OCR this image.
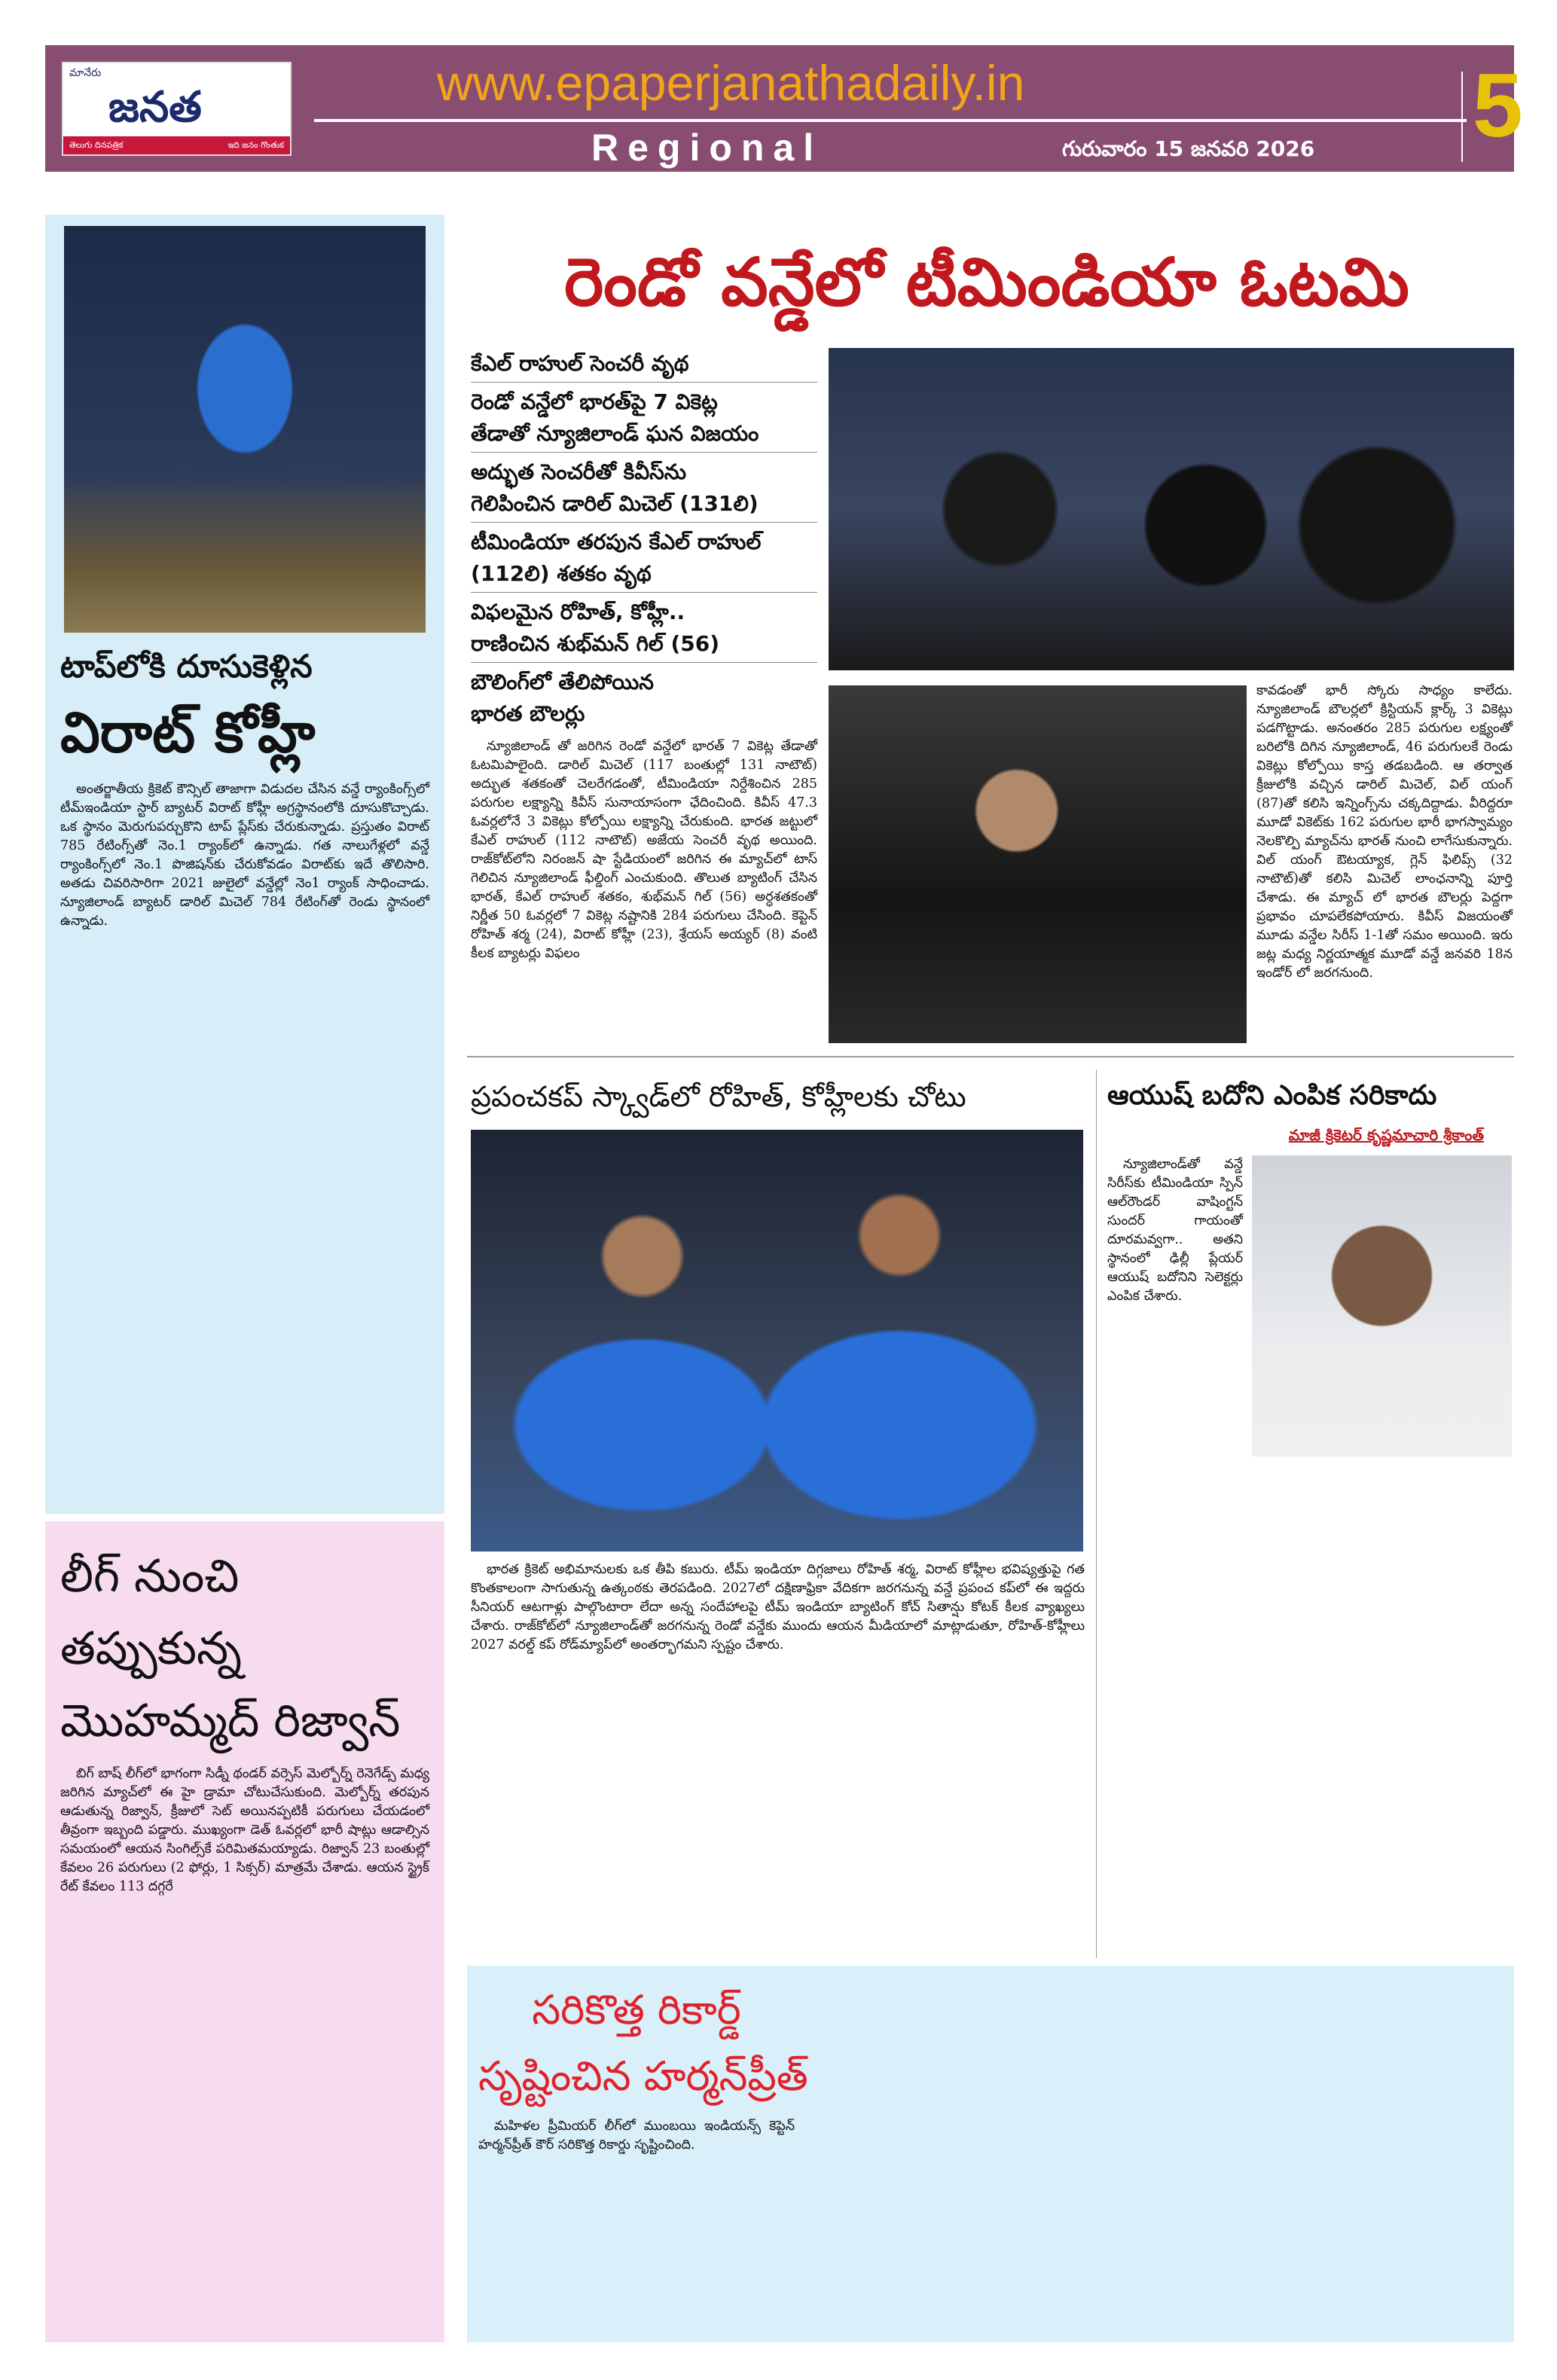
మానేరు
జనత
తెలుగు దినపత్రిక	ఇది జనం గొంతుక
www.epaperjanathadaily.in
Regional	గురువారం 15 జనవరి 2026 5
టాప్‌లోకి దూసుకెళ్లిన
విరాట్ కోహ్లీ

అంతర్జాతీయ క్రికెట్ కౌన్సిల్ తాజాగా విడుదల చేసిన వన్డే ర్యాంకింగ్స్‌లో టీమ్ఇండియా స్టార్ బ్యాటర్ విరాట్ కోహ్లీ అగ్రస్థానంలోకి దూసుకొచ్చాడు. ఒక స్థానం మెరుగుపర్చుకొని టాప్ ప్లేస్‌కు చేరుకున్నాడు. ప్రస్తుతం విరాట్ 785 రేటింగ్స్‌తో నెం.1 ర్యాంక్‌లో ఉన్నాడు. గత నాలుగేళ్లలో వన్డే ర్యాంకింగ్స్‌లో నెం.1 పొజిషన్‌కు చేరుకోవడం విరాట్‌కు ఇదే తొలిసారి. అతడు చివరిసారిగా 2021 జులైలో వన్డేల్లో నెం1 ర్యాంక్ సాధించాడు. న్యూజిలాండ్ బ్యాటర్ డారిల్ మిచెల్ 784 రేటింగ్‌తో రెండు స్థానంలో ఉన్నాడు.

లీగ్ నుంచి తప్పుకున్న
మొహమ్మద్ రిజ్వాన్

బిగ్ బాష్ లీగ్‌లో భాగంగా సిడ్నీ థండర్ వర్సెస్ మెల్బోర్న్ రెనెగేడ్స్ మధ్య జరిగిన మ్యాచ్‌లో ఈ హై డ్రామా చోటుచేసుకుంది. మెల్బోర్న్ తరపున ఆడుతున్న రిజ్వాన్, క్రీజులో సెట్ అయినప్పటికీ పరుగులు చేయడంలో తీవ్రంగా ఇబ్బంది పడ్డారు. ముఖ్యంగా డెత్ ఓవర్లలో భారీ షాట్లు ఆడాల్సిన సమయంలో ఆయన సింగిల్స్‌కే పరిమితమయ్యాడు. రిజ్వాన్ 23 బంతుల్లో కేవలం 26 పరుగులు (2 ఫోర్లు, 1 సిక్సర్) మాత్రమే చేశాడు. ఆయన స్ట్రైక్ రేట్ కేవలం 113 దగ్గరే

రెండో వన్డేలో టీమిండియా ఓటమి
కేఎల్ రాహుల్ సెంచరీ వృథ
రెండో వన్డేలో భారత్‌పై 7 వికెట్ల
తేడాతో న్యూజిలాండ్ ఘన విజయం
అద్భుత సెంచరీతో కివీస్‌ను
గెలిపించిన డారిల్ మిచెల్ (131లి)
టీమిండియా తరపున కేఎల్ రాహుల్
(112లి) శతకం వృథ
విఫలమైన రోహిత్, కోహ్లీ..
రాణించిన శుభ్‌మన్ గిల్ (56)
బౌలింగ్‌లో తేలిపోయిన
భారత బౌలర్లు

న్యూజిలాండ్ తో జరిగిన రెండో వన్డేలో భారత్ 7 వికెట్ల తేడాతో ఓటమిపాలైంది. డారిల్ మిచెల్ (117 బంతుల్లో 131 నాటౌట్) అద్భుత శతకంతో చెలరేగడంతో, టీమిండియా నిర్దేశించిన 285 పరుగుల లక్ష్యాన్ని కివీస్ సునాయాసంగా ఛేదించింది. కివీస్ 47.3 ఓవర్లలోనే 3 వికెట్లు కోల్పోయి లక్ష్యాన్ని చేరుకుంది. భారత జట్టులో కేఎల్ రాహుల్ (112 నాటౌట్) అజేయ సెంచరీ వృథ అయింది. రాజ్‌కోట్‌లోని నిరంజన్ షా స్టేడియంలో జరిగిన ఈ మ్యాచ్‌లో టాస్ గెలిచిన న్యూజిలాండ్ ఫీల్డింగ్ ఎంచుకుంది. తొలుత బ్యాటింగ్ చేసిన భారత్, కేఎల్ రాహుల్ శతకం, శుభ్‌మన్ గిల్ (56) అర్ధశతకంతో నిర్ణీత 50 ఓవర్లలో 7 వికెట్ల నష్టానికి 284 పరుగులు చేసింది. కెప్టెన్ రోహిత్ శర్మ (24), విరాట్ కోహ్లీ (23), శ్రేయస్ అయ్యర్ (8) వంటి కీలక బ్యాటర్లు విఫలం

కావడంతో భారీ స్కోరు సాధ్యం కాలేదు. న్యూజిలాండ్ బౌలర్లలో క్రిస్టియన్ క్లార్క్ 3 వికెట్లు పడగొట్టాడు. అనంతరం 285 పరుగుల లక్ష్యంతో బరిలోకి దిగిన న్యూజిలాండ్, 46 పరుగులకే రెండు వికెట్లు కోల్పోయి కాస్త తడబడింది. ఆ తర్వాత క్రీజులోకి వచ్చిన డారిల్ మిచెల్, విల్ యంగ్ (87)తో కలిసి ఇన్నింగ్స్‌ను చక్కదిద్దాడు. వీరిద్దరూ మూడో వికెట్‌కు 162 పరుగుల భారీ భాగస్వామ్యం నెలకొల్పి మ్యాచ్‌ను భారత్ నుంచి లాగేసుకున్నారు. విల్ యంగ్ ఔటయ్యాక, గ్లెన్ ఫిలిప్స్ (32 నాటౌట్)తో కలిసి మిచెల్ లాంఛనాన్ని పూర్తి చేశాడు. ఈ మ్యాచ్ లో భారత బౌలర్లు పెద్దగా ప్రభావం చూపలేకపోయారు. కివీస్ విజయంతో మూడు వన్డేల సిరీస్ 1-1తో సమం అయింది. ఇరు జట్ల మధ్య నిర్ణయాత్మక మూడో వన్డే జనవరి 18న ఇండోర్ లో జరగనుంది.

ప్రపంచకప్ స్క్వాడ్‌లో రోహిత్, కోహ్లీలకు చోటు

భారత క్రికెట్ అభిమానులకు ఒక తీపి కబురు. టీమ్ ఇండియా దిగ్గజాలు రోహిత్ శర్మ, విరాట్ కోహ్లీల భవిష్యత్తుపై గత కొంతకాలంగా సాగుతున్న ఉత్కంఠకు తెరపడింది. 2027లో దక్షిణాఫ్రికా వేదికగా జరగనున్న వన్డే ప్రపంచ కప్‌లో ఈ ఇద్దరు సీనియర్ ఆటగాళ్లు పాల్గొంటారా లేదా అన్న సందేహాలపై టీమ్ ఇండియా బ్యాటింగ్ కోచ్ సితాన్షు కోటక్ కీలక వ్యాఖ్యలు చేశారు. రాజ్‌కోట్‌లో న్యూజిలాండ్‌తో జరగనున్న రెండో వన్డేకు ముందు ఆయన మీడియాలో మాట్లాడుతూ, రోహిత్-కోహ్లీలు 2027 వరల్డ్ కప్ రోడ్‌మ్యాప్‌లో అంతర్భాగమని స్పష్టం చేశారు.

ఆయుష్ బదోని ఎంపిక సరికాదు
మాజీ క్రికెటర్ కృష్ణమాచారి శ్రీకాంత్

న్యూజిలాండ్‌తో వన్డే సిరీస్‌కు టీమిండియా స్పిన్ ఆల్‌రౌండర్ వాషింగ్టన్ సుందర్ గాయంతో దూరమవ్వగా.. అతని స్థానంలో ఢిల్లీ ప్లేయర్ ఆయుష్ బదోనిని సెలెక్టర్లు ఎంపిక చేశారు.

సరికొత్త రికార్డ్
సృష్టించిన హర్మన్‌ప్రీత్

మహిళల ప్రీమియర్ లీగ్‌లో ముంబయి ఇండియన్స్ కెప్టెన్ హర్మన్‌ప్రీత్ కౌర్ సరికొత్త రికార్డు సృష్టించింది.
